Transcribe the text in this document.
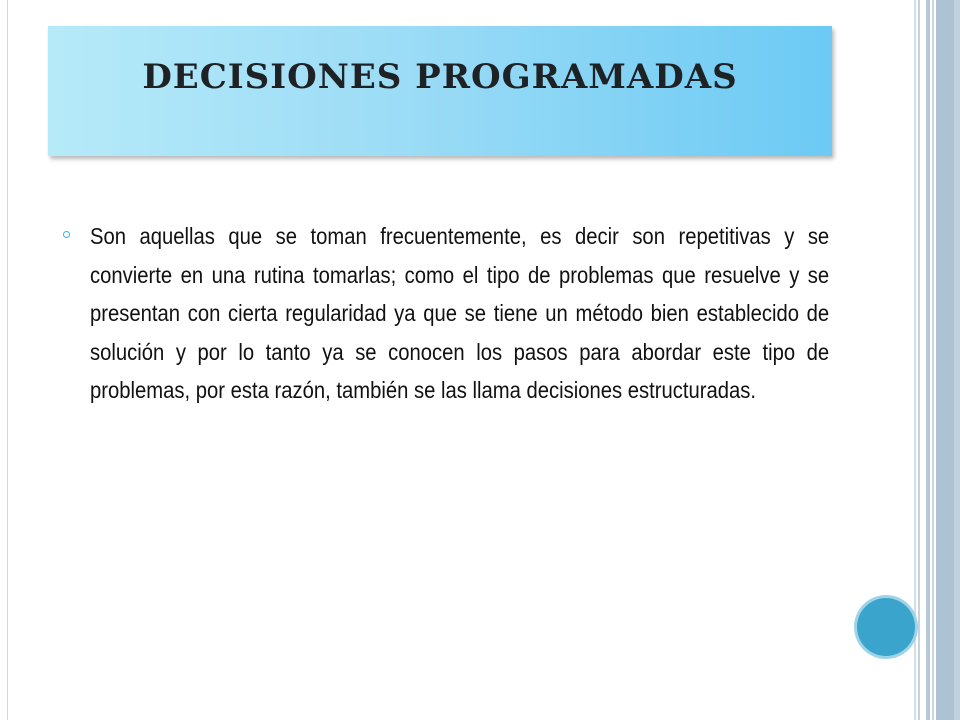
DECISIONES PROGRAMADAS

Son aquellas que se toman frecuentemente, es decir son repetitivas y se convierte en una rutina tomarlas; como el tipo de problemas que resuelve y se presentan con cierta regularidad ya que se tiene un método bien establecido de solución y por lo tanto ya se conocen los pasos para abordar este tipo de problemas, por esta razón, también se las llama decisiones estructuradas.
